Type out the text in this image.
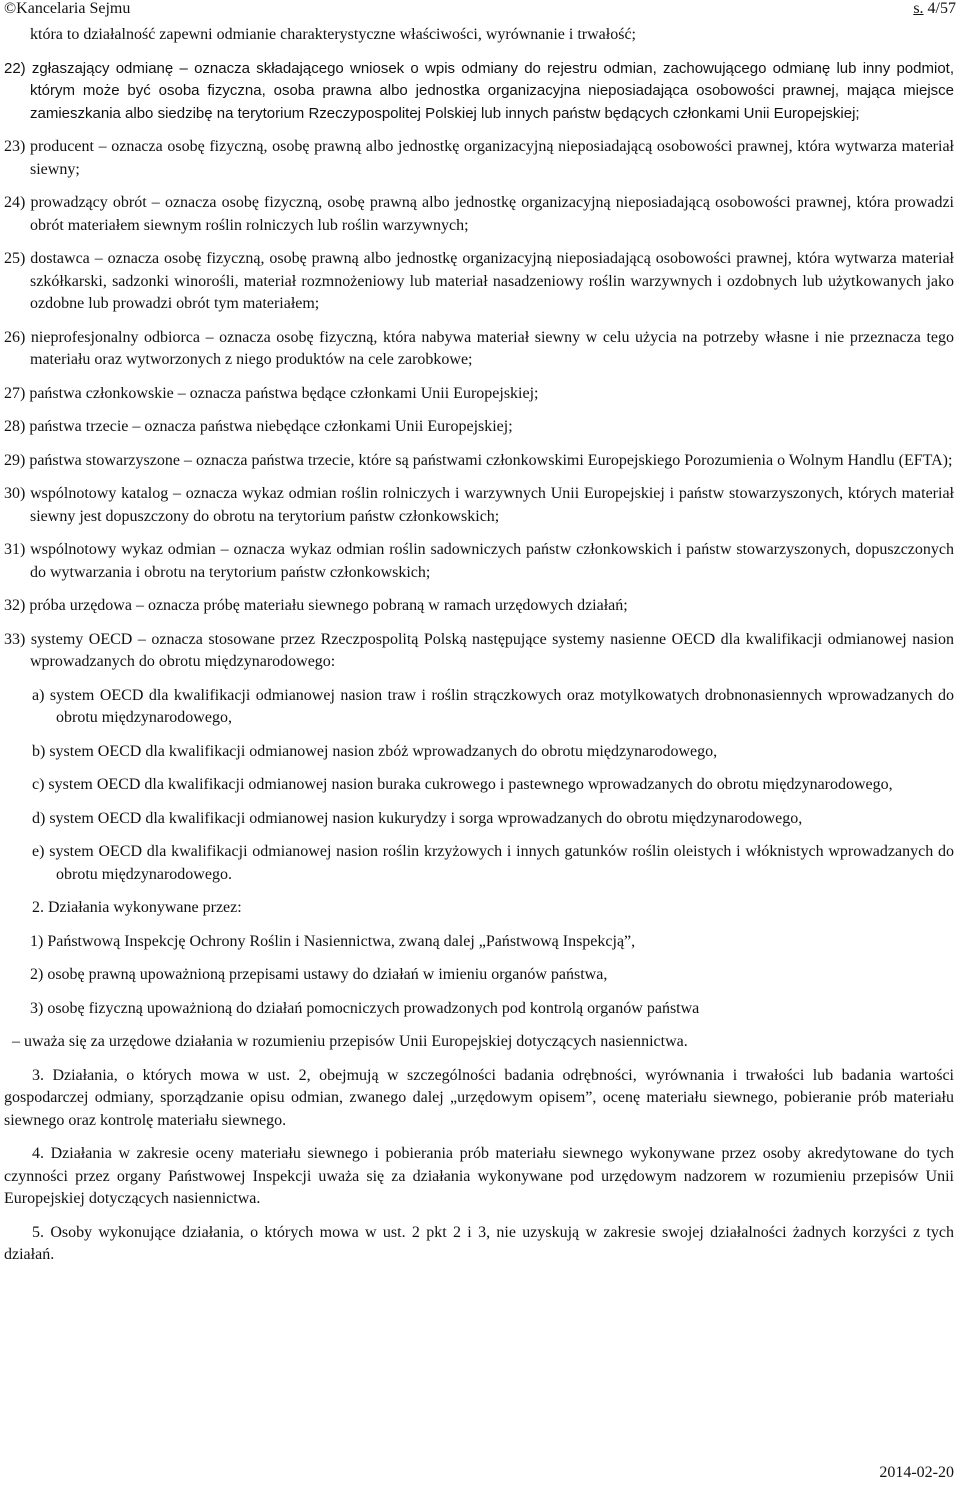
©Kancelaria Sejmu	s. 4/57

która to działalność zapewni odmianie charakterystyczne właściwości, wyrównanie i trwałość;

22) zgłaszający odmianę – oznacza składającego wniosek o wpis odmiany do rejestru odmian, zachowującego odmianę lub inny podmiot, którym może być osoba fizyczna, osoba prawna albo jednostka organizacyjna nieposiadająca osobowości prawnej, mająca miejsce zamieszkania albo siedzibę na terytorium Rzeczypospolitej Polskiej lub innych państw będących członkami Unii Europejskiej;

23) producent – oznacza osobę fizyczną, osobę prawną albo jednostkę organizacyjną nieposiadającą osobowości prawnej, która wytwarza materiał siewny;

24) prowadzący obrót – oznacza osobę fizyczną, osobę prawną albo jednostkę organizacyjną nieposiadającą osobowości prawnej, która prowadzi obrót materiałem siewnym roślin rolniczych lub roślin warzywnych;

25) dostawca – oznacza osobę fizyczną, osobę prawną albo jednostkę organizacyjną nieposiadającą osobowości prawnej, która wytwarza materiał szkółkarski, sadzonki winorośli, materiał rozmnożeniowy lub materiał nasadzeniowy roślin warzywnych i ozdobnych lub użytkowanych jako ozdobne lub prowadzi obrót tym materiałem;

26) nieprofesjonalny odbiorca – oznacza osobę fizyczną, która nabywa materiał siewny w celu użycia na potrzeby własne i nie przeznacza tego materiału oraz wytworzonych z niego produktów na cele zarobkowe;

27) państwa członkowskie – oznacza państwa będące członkami Unii Europejskiej;

28) państwa trzecie – oznacza państwa niebędące członkami Unii Europejskiej;

29) państwa stowarzyszone – oznacza państwa trzecie, które są państwami członkowskimi Europejskiego Porozumienia o Wolnym Handlu (EFTA);

30) wspólnotowy katalog – oznacza wykaz odmian roślin rolniczych i warzywnych Unii Europejskiej i państw stowarzyszonych, których materiał siewny jest dopuszczony do obrotu na terytorium państw członkowskich;

31) wspólnotowy wykaz odmian – oznacza wykaz odmian roślin sadowniczych państw członkowskich i państw stowarzyszonych, dopuszczonych do wytwarzania i obrotu na terytorium państw członkowskich;

32) próba urzędowa – oznacza próbę materiału siewnego pobraną w ramach urzędowych działań;

33) systemy OECD – oznacza stosowane przez Rzeczpospolitą Polską następujące systemy nasienne OECD dla kwalifikacji odmianowej nasion wprowadzanych do obrotu międzynarodowego:

a) system OECD dla kwalifikacji odmianowej nasion traw i roślin strączkowych oraz motylkowatych drobnonasiennych wprowadzanych do obrotu międzynarodowego,

b) system OECD dla kwalifikacji odmianowej nasion zbóż wprowadzanych do obrotu międzynarodowego,

c) system OECD dla kwalifikacji odmianowej nasion buraka cukrowego i pastewnego wprowadzanych do obrotu międzynarodowego,

d) system OECD dla kwalifikacji odmianowej nasion kukurydzy i sorga wprowadzanych do obrotu międzynarodowego,

e) system OECD dla kwalifikacji odmianowej nasion roślin krzyżowych i innych gatunków roślin oleistych i włóknistych wprowadzanych do obrotu międzynarodowego.

2. Działania wykonywane przez:

1) Państwową Inspekcję Ochrony Roślin i Nasiennictwa, zwaną dalej „Państwową Inspekcją”,

2) osobę prawną upoważnioną przepisami ustawy do działań w imieniu organów państwa,

3) osobę fizyczną upoważnioną do działań pomocniczych prowadzonych pod kontrolą organów państwa

– uważa się za urzędowe działania w rozumieniu przepisów Unii Europejskiej dotyczących nasiennictwa.

3. Działania, o których mowa w ust. 2, obejmują w szczególności badania odrębności, wyrównania i trwałości lub badania wartości gospodarczej odmiany, sporządzanie opisu odmian, zwanego dalej „urzędowym opisem”, ocenę materiału siewnego, pobieranie prób materiału siewnego oraz kontrolę materiału siewnego.

4. Działania w zakresie oceny materiału siewnego i pobierania prób materiału siewnego wykonywane przez osoby akredytowane do tych czynności przez organy Państwowej Inspekcji uważa się za działania wykonywane pod urzędowym nadzorem w rozumieniu przepisów Unii Europejskiej dotyczących nasiennictwa.

5. Osoby wykonujące działania, o których mowa w ust. 2 pkt 2 i 3, nie uzyskują w zakresie swojej działalności żadnych korzyści z tych działań.

2014-02-20
